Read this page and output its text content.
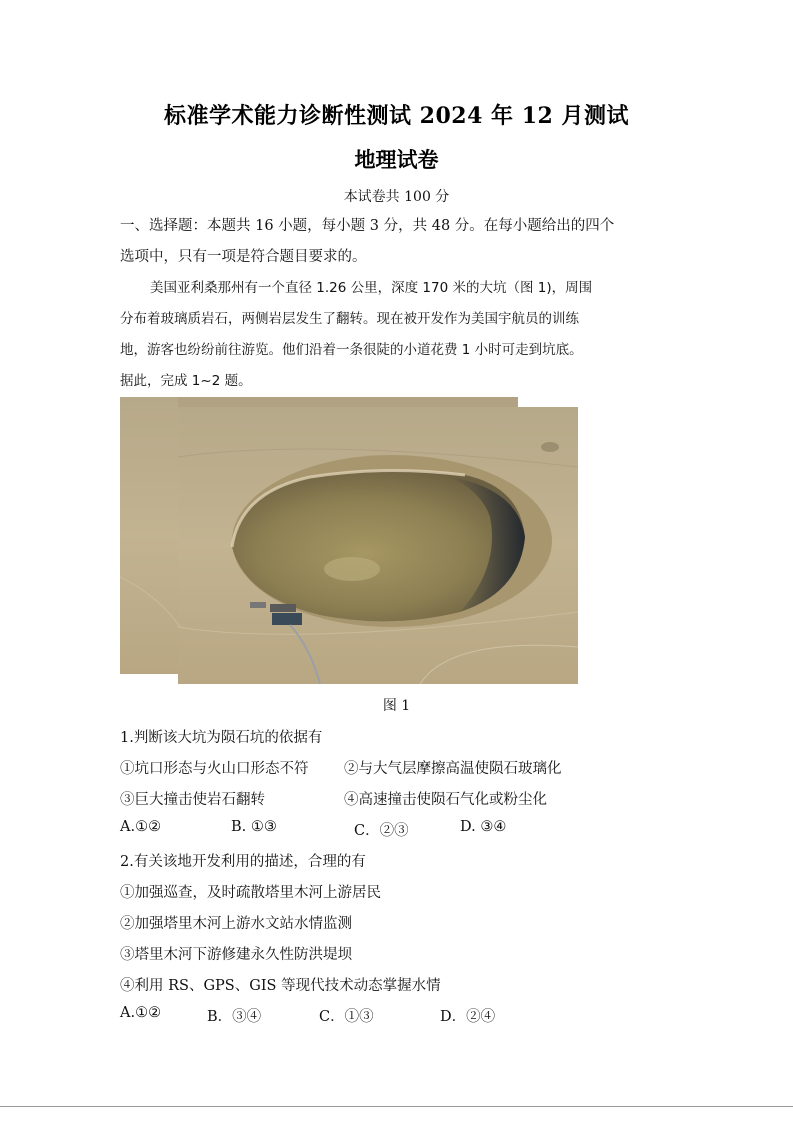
标准学术能力诊断性测试 2024 年 12 月测试
地理试卷
本试卷共 100 分
一、选择题：本题共 16 小题，每小题 3 分，共 48 分。在每小题给出的四个
选项中，只有一项是符合题目要求的。
美国亚利桑那州有一个直径 1.26 公里，深度 170 米的大坑（图 1)，周围
分布着玻璃质岩石，两侧岩层发生了翻转。现在被开发作为美国宇航员的训练
地，游客也纷纷前往游览。他们沿着一条很陡的小道花费 1 小时可走到坑底。
据此，完成 1~2 题。
图 1
1.判断该大坑为陨石坑的依据有
①坑口形态与火山口形态不符 ②与大气层摩擦高温使陨石玻璃化
③巨大撞击使岩石翻转	④高速撞击使陨石气化或粉尘化
A.①②	B. ①③	C．②③	D. ③④
2.有关该地开发利用的描述，合理的有
①加强巡查，及时疏散塔里木河上游居民
②加强塔里木河上游水文站水情监测
③塔里木河下游修建永久性防洪堤坝
④利用 RS、GPS、GIS 等现代技术动态掌握水情
A.①②	B．③④	C．①③	D．②④
